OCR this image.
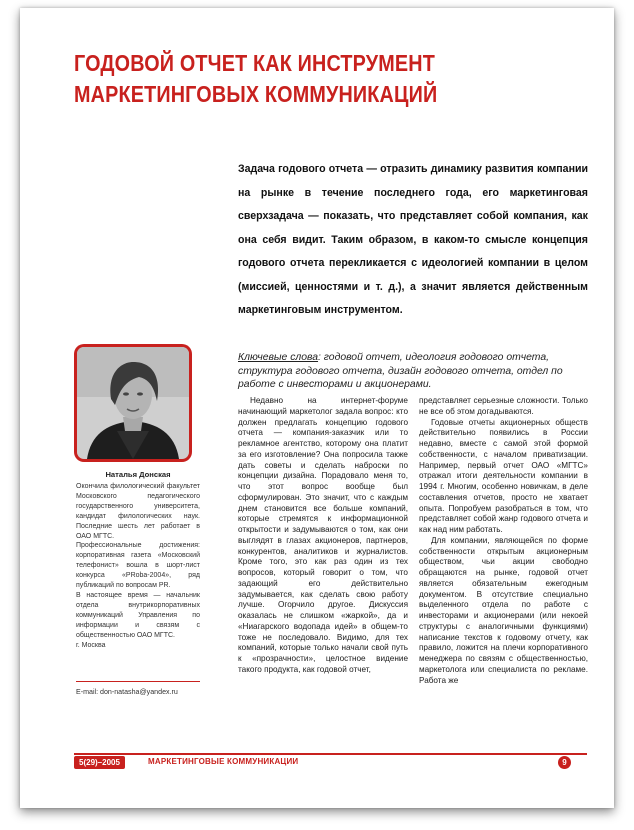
ГОДОВОЙ ОТЧЕТ КАК ИНСТРУМЕНТ
МАРКЕТИНГОВЫХ КОММУНИКАЦИЙ
Задача годового отчета — отразить динамику развития компании на рынке в течение последнего года, его маркетинговая сверхзадача — показать, что представляет собой компания, как она себя видит. Таким образом, в каком-то смысле концепция годового отчета перекликается с идеологией компании в целом (миссией, ценностями и т. д.), а значит является действенным маркетинговым инструментом.
Ключевые слова: годовой отчет, идеология годового отчета, структура годового отчета, дизайн годового отчета, отдел по работе с инвесторами и акционерами.
Наталья Донская
Окончила филологический факультет Московского педагогического государственного университета, кандидат филологических наук. Последние шесть лет работает в ОАО МГТС.
Профессиональные достижения: корпоративная газета «Московский телефонист» вошла в шорт-лист конкурса «PRoba-2004», ряд публикаций по вопросам PR.
В настоящее время — начальник отдела внутрикорпоративных коммуникаций Управления по информации и связям с общественностью ОАО МГТС.
г. Москва
E-mail: don-natasha@yandex.ru

Недавно на интернет-форуме начинающий маркетолог задала вопрос: кто должен предлагать концепцию годового отчета — компания-заказчик или то рекламное агентство, которому она платит за его изготовление? Она попросила также дать советы и сделать наброски по концепции дизайна. Порадовало меня то, что этот вопрос вообще был сформулирован. Это значит, что с каждым днем становится все больше компаний, которые стремятся к информационной открытости и задумываются о том, как они выглядят в глазах акционеров, партнеров, конкурентов, аналитиков и журналистов. Кроме того, это как раз один из тех вопросов, который говорит о том, что задающий его действительно задумывается, как сделать свою работу лучше. Огорчило другое. Дискуссия оказалась не слишком «жаркой», да и «Ниагарского водопада идей» в общем-то тоже не последовало. Видимо, для тех компаний, которые только начали свой путь к «прозрачности», целостное видение такого продукта, как годовой отчет,

представляет серьезные сложности. Только не все об этом догадываются.

Годовые отчеты акционерных обществ действительно появились в России недавно, вместе с самой этой формой собственности, с началом приватизации. Например, первый отчет ОАО «МГТС» отражал итоги деятельности компании в 1994 г. Многим, особенно новичкам, в деле составления отчетов, просто не хватает опыта. Попробуем разобраться в том, что представляет собой жанр годового отчета и как над ним работать.

Для компании, являющейся по форме собственности открытым акционерным обществом, чьи акции свободно обращаются на рынке, годовой отчет является обязательным ежегодным документом. В отсутствие специально выделенного отдела по работе с инвесторами и акционерами (или некоей структуры с аналогичными функциями) написание текстов к годовому отчету, как правило, ложится на плечи корпоративного менеджера по связям с общественностью, маркетолога или специалиста по рекламе. Работа же

5(29)–2005	МАРКЕТИНГОВЫЕ КОММУНИКАЦИИ	9
